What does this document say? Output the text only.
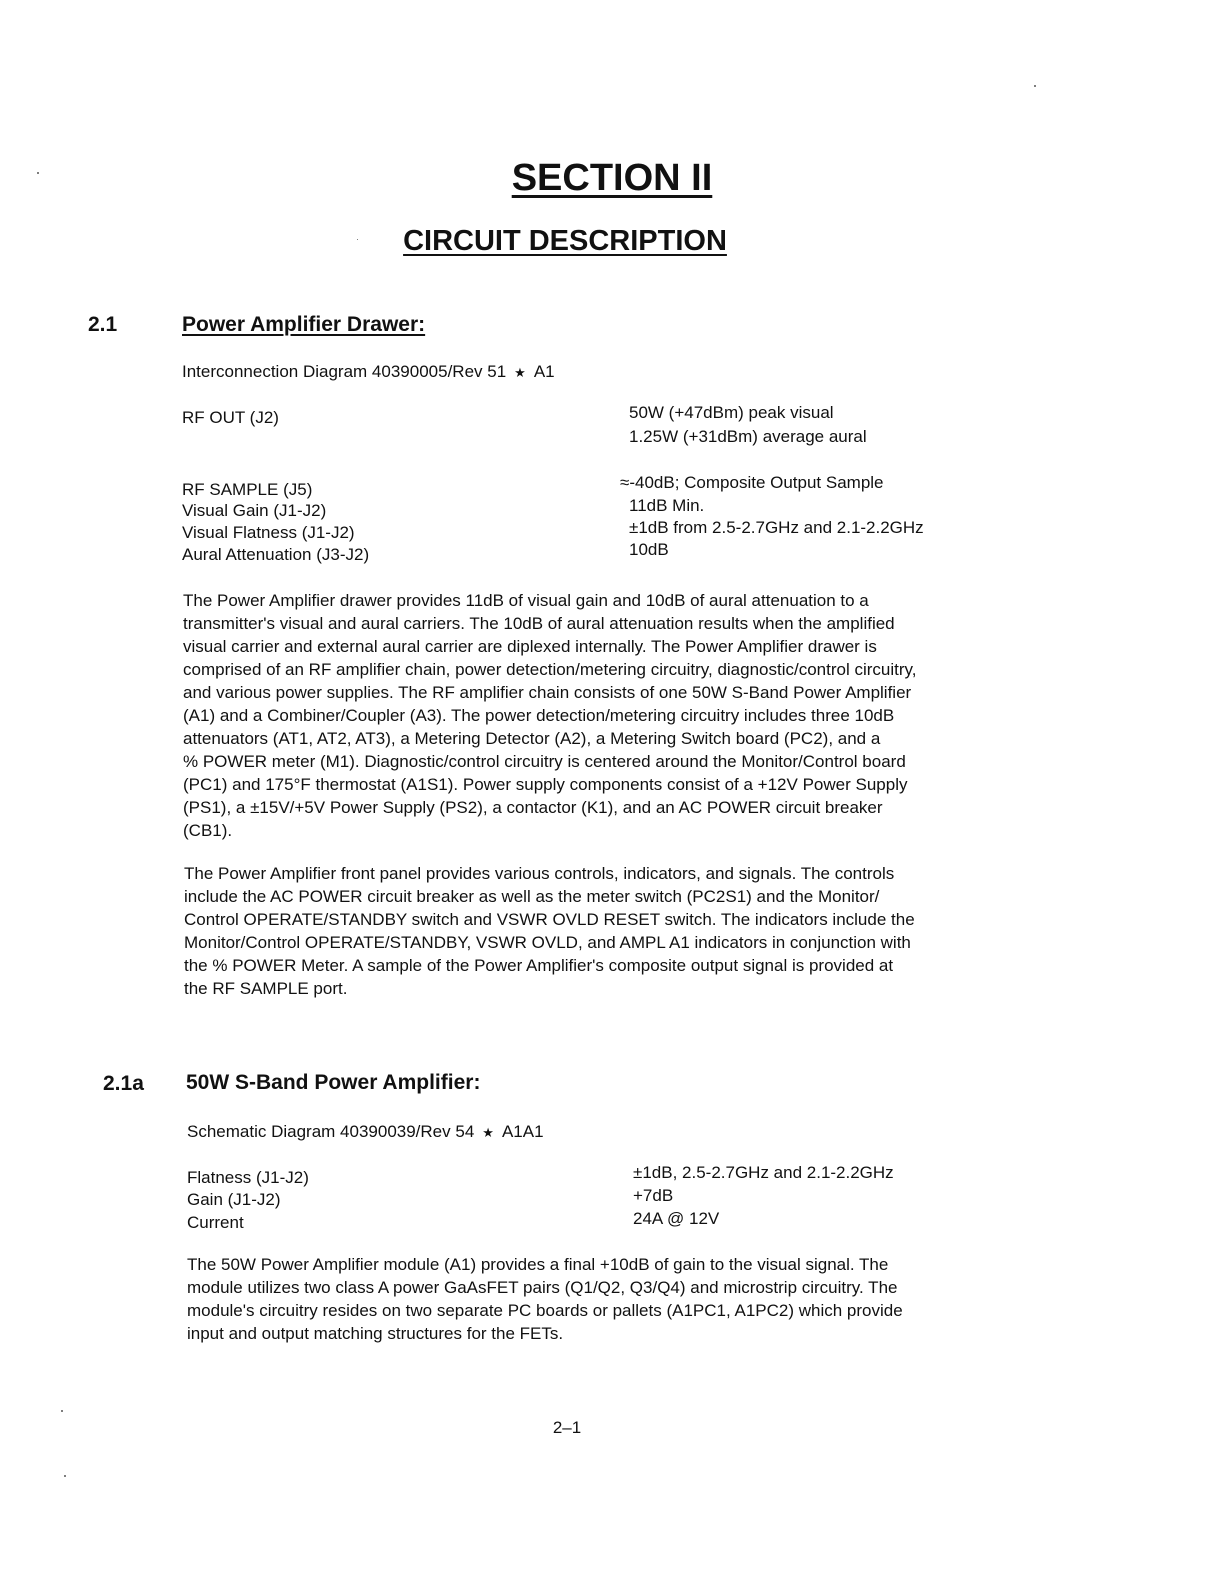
SECTION II
CIRCUIT DESCRIPTION
2.1	Power Amplifier Drawer:
Interconnection Diagram 40390005/Rev 51 ★ A1
RF OUT (J2)	50W (+47dBm) peak visual
1.25W (+31dBm) average aural
RF SAMPLE (J5)
Visual Gain (J1-J2)
Visual Flatness (J1-J2)
Aural Attenuation (J3-J2)
≈-40dB; Composite Output Sample
11dB Min.
±1dB from 2.5-2.7GHz and 2.1-2.2GHz
10dB
The Power Amplifier drawer provides 11dB of visual gain and 10dB of aural attenuation to a
transmitter's visual and aural carriers. The 10dB of aural attenuation results when the amplified
visual carrier and external aural carrier are diplexed internally. The Power Amplifier drawer is
comprised of an RF amplifier chain, power detection/metering circuitry, diagnostic/control circuitry,
and various power supplies. The RF amplifier chain consists of one 50W S-Band Power Amplifier
(A1) and a Combiner/Coupler (A3). The power detection/metering circuitry includes three 10dB
attenuators (AT1, AT2, AT3), a Metering Detector (A2), a Metering Switch board (PC2), and a
% POWER meter (M1). Diagnostic/control circuitry is centered around the Monitor/Control board
(PC1) and 175°F thermostat (A1S1). Power supply components consist of a +12V Power Supply
(PS1), a ±15V/+5V Power Supply (PS2), a contactor (K1), and an AC POWER circuit breaker
(CB1).
The Power Amplifier front panel provides various controls, indicators, and signals. The controls
include the AC POWER circuit breaker as well as the meter switch (PC2S1) and the Monitor/
Control OPERATE/STANDBY switch and VSWR OVLD RESET switch. The indicators include the
Monitor/Control OPERATE/STANDBY, VSWR OVLD, and AMPL A1 indicators in conjunction with
the % POWER Meter. A sample of the Power Amplifier's composite output signal is provided at
the RF SAMPLE port.
2.1a 50W S-Band Power Amplifier:
Schematic Diagram 40390039/Rev 54 ★ A1A1
Flatness (J1-J2)
Gain (J1-J2)
Current
±1dB, 2.5-2.7GHz and 2.1-2.2GHz
+7dB
24A @ 12V
The 50W Power Amplifier module (A1) provides a final +10dB of gain to the visual signal. The
module utilizes two class A power GaAsFET pairs (Q1/Q2, Q3/Q4) and microstrip circuitry. The
module's circuitry resides on two separate PC boards or pallets (A1PC1, A1PC2) which provide
input and output matching structures for the FETs.
2–1
